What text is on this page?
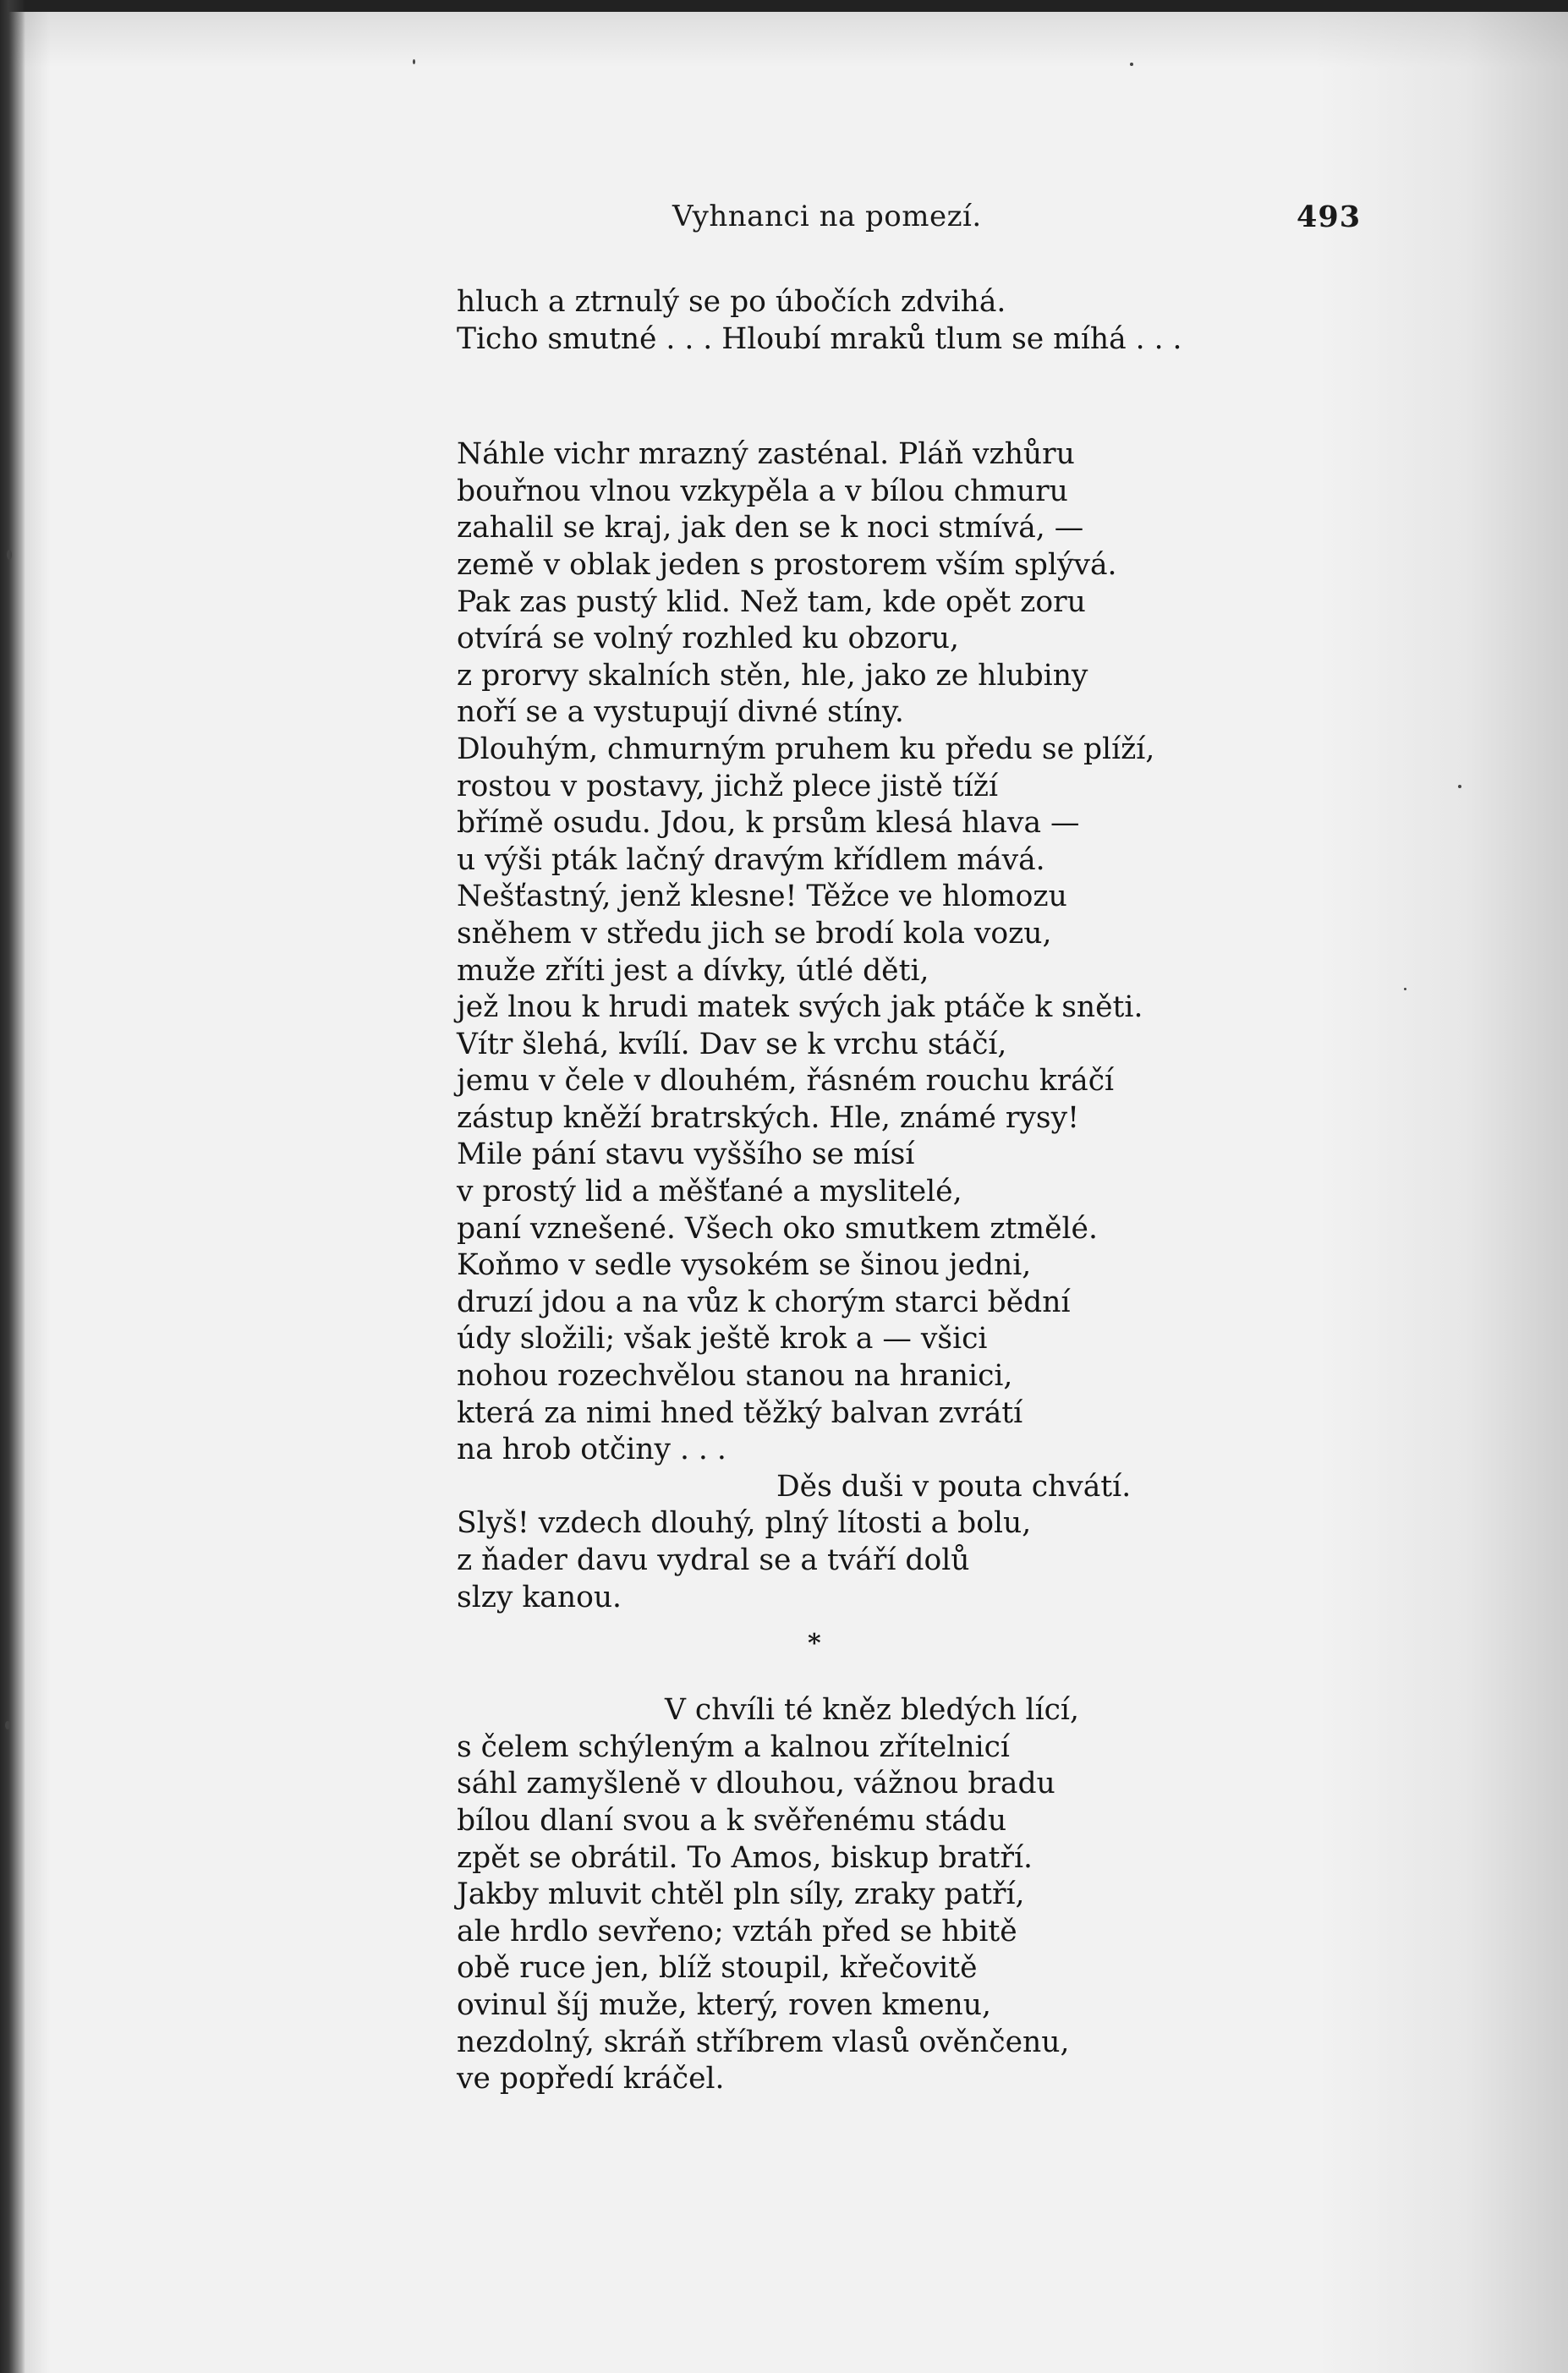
Vyhnanci na pomezí.	493
hluch a ztrnulý se po úbočích zdvihá.
Ticho smutné . . . Hloubí mraků tlum se míhá . . .
Náhle vichr mrazný zasténal. Pláň vzhůru
bouřnou vlnou vzkypěla a v bílou chmuru
zahalil se kraj, jak den se k noci stmívá, —
země v oblak jeden s prostorem vším splývá.
Pak zas pustý klid. Než tam, kde opět zoru
otvírá se volný rozhled ku obzoru,
z prorvy skalních stěn, hle, jako ze hlubiny
noří se a vystupují divné stíny.
Dlouhým, chmurným pruhem ku předu se plíží,
rostou v postavy, jichž plece jistě tíží
břímě osudu. Jdou, k prsům klesá hlava —
u výši pták lačný dravým křídlem mává.
Nešťastný, jenž klesne! Těžce ve hlomozu
sněhem v středu jich se brodí kola vozu,
muže zříti jest a dívky, útlé děti,
jež lnou k hrudi matek svých jak ptáče k sněti.
Vítr šlehá, kvílí. Dav se k vrchu stáčí,
jemu v čele v dlouhém, řásném rouchu kráčí
zástup kněží bratrských. Hle, známé rysy!
Mile pání stavu vyššího se mísí
v prostý lid a měšťané a myslitelé,
paní vznešené. Všech oko smutkem ztmělé.
Koňmo v sedle vysokém se šinou jedni,
druzí jdou a na vůz k chorým starci bědní
údy složili; však ještě krok a — všici
nohou rozechvělou stanou na hranici,
která za nimi hned těžký balvan zvrátí
na hrob otčiny . . .
Děs duši v pouta chvátí.
Slyš! vzdech dlouhý, plný lítosti a bolu,
z ňader davu vydral se a tváří dolů
slzy kanou.
*
V chvíli té kněz bledých lící,
s čelem schýleným a kalnou zřítelnicí
sáhl zamyšleně v dlouhou, vážnou bradu
bílou dlaní svou a k svěřenému stádu
zpět se obrátil. To Amos, biskup bratří.
Jakby mluvit chtěl pln síly, zraky patří,
ale hrdlo sevřeno; vztáh před se hbitě
obě ruce jen, blíž stoupil, křečovitě
ovinul šíj muže, který, roven kmenu,
nezdolný, skráň stříbrem vlasů ověnčenu,
ve popředí kráčel.
